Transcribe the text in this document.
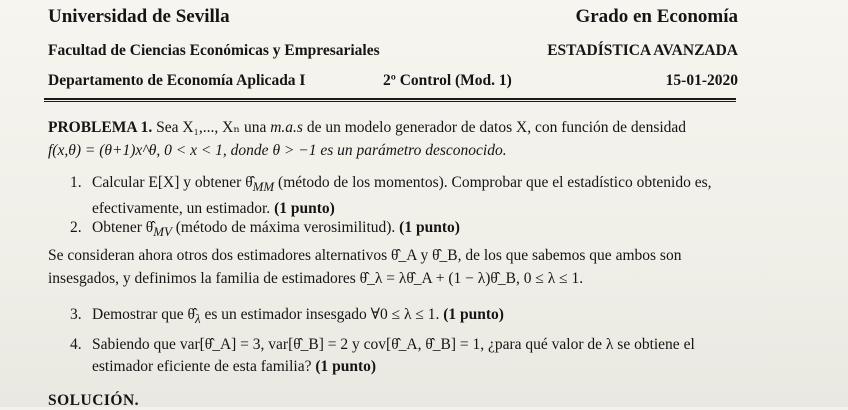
Universidad de Sevilla	Grado en Economía
Facultad de Ciencias Económicas y Empresariales	ESTADÍSTICA AVANZADA
Departamento de Economía Aplicada I	2º Control (Mod. 1)	15-01-2020
PROBLEMA 1. Sea X₁,..., Xₙ una m.a.s de un modelo generador de datos X, con función de densidad
f(x,θ) = (θ+1)x^θ, 0 < x < 1, donde θ > −1 es un parámetro desconocido.
1. Calcular E[X] y obtener $\thetâ_{MM}$ (método de los momentos). Comprobar que el estadístico obtenido es, efectivamente, un estimador. (1 punto)
2. Obtener $\thetâ_{MV}$ (método de máxima verosimilitud). (1 punto)
Se consideran ahora otros dos estimadores alternativos θ̂_A y θ̂_B, de los que sabemos que ambos son insesgados, y definimos la familia de estimadores θ̂_λ = λθ̂_A + (1 − λ)θ̂_B, 0 ≤ λ ≤ 1.
3. Demostrar que $\thetâ_\lambda$ es un estimador insesgado ∀0 ≤ λ ≤ 1. (1 punto)
4. Sabiendo que var[θ̂_A] = 3, var[θ̂_B] = 2 y cov[θ̂_A, θ̂_B] = 1, ¿para qué valor de λ se obtiene el estimador eficiente de esta familia? (1 punto)
SOLUCIÓN.
